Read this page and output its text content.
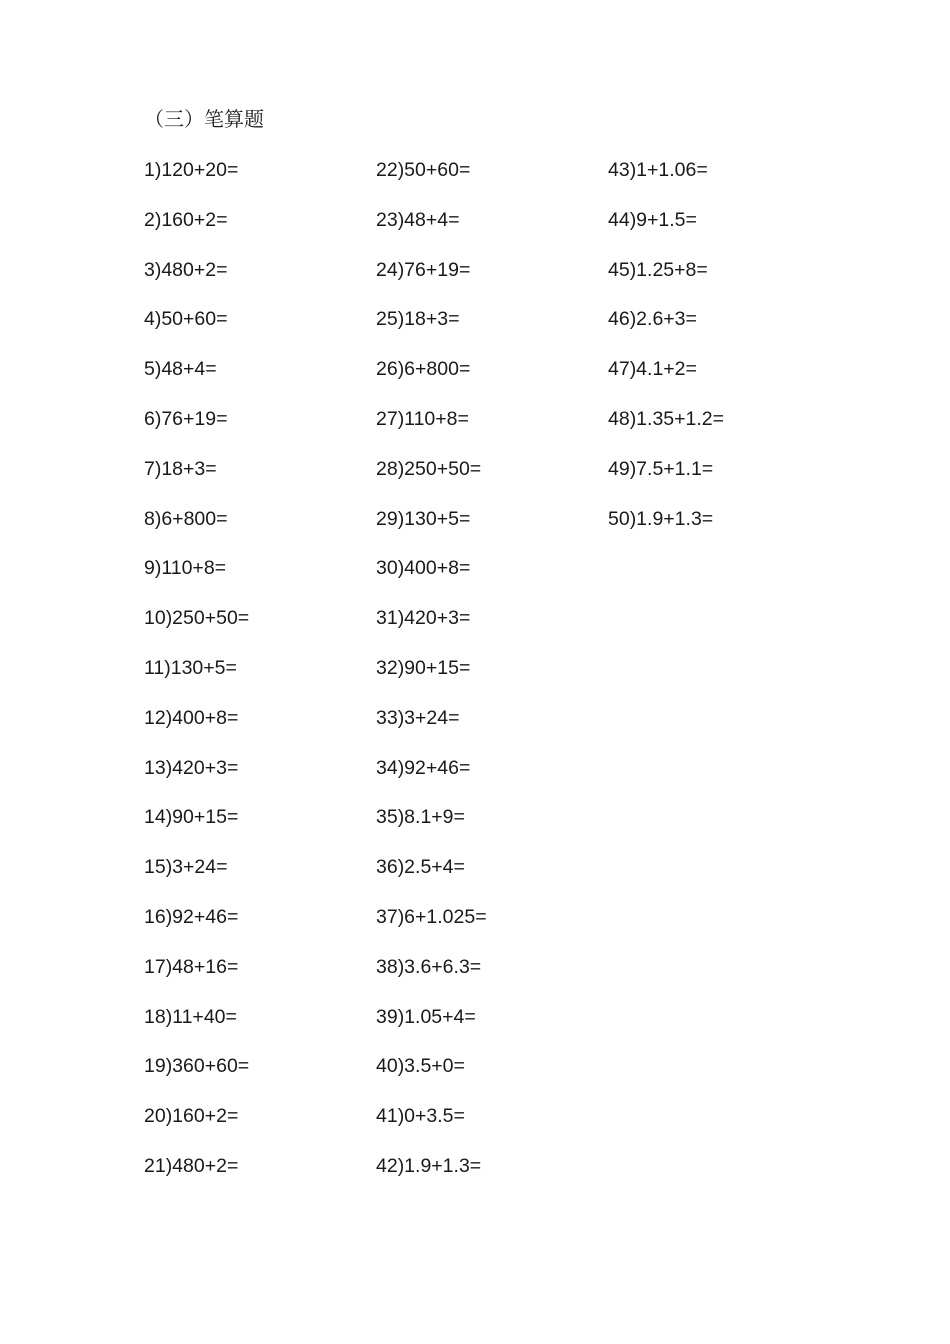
（三）笔算题
1)120+20=
2)160+2=
3)480+2=
4)50+60=
5)48+4=
6)76+19=
7)18+3=
8)6+800=
9)110+8=
10)250+50=
11)130+5=
12)400+8=
13)420+3=
14)90+15=
15)3+24=
16)92+46=
17)48+16=
18)11+40=
19)360+60=
20)160+2=
21)480+2=
22)50+60=
23)48+4=
24)76+19=
25)18+3=
26)6+800=
27)110+8=
28)250+50=
29)130+5=
30)400+8=
31)420+3=
32)90+15=
33)3+24=
34)92+46=
35)8.1+9=
36)2.5+4=
37)6+1.025=
38)3.6+6.3=
39)1.05+4=
40)3.5+0=
41)0+3.5=
42)1.9+1.3=
43)1+1.06=
44)9+1.5=
45)1.25+8=
46)2.6+3=
47)4.1+2=
48)1.35+1.2=
49)7.5+1.1=
50)1.9+1.3=
